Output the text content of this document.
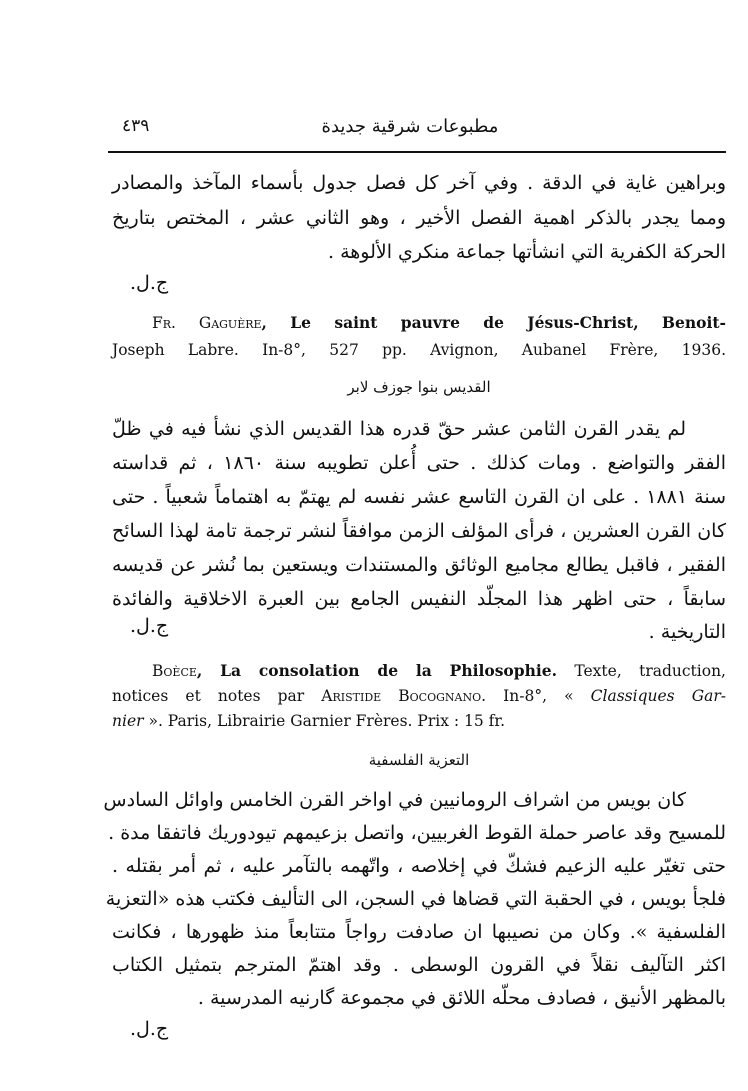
٤٣٩	مطبوعات شرقية جديدة
وبراهين غاية في الدقة . وفي آخر كل فصل جدول بأسماء المآخذ والمصادر
ومما يجدر بالذكر اهمية الفصل الأخير ، وهو الثاني عشر ، المختص بتاريخ
الحركة الكفرية التي انشأتها جماعة منكري الألوهة .
ج.ل.
Fr. Gaguère, Le saint pauvre de Jésus-Christ, Benoit-
Joseph Labre. In-8°, 527 pp. Avignon, Aubanel Frère, 1936.
القديس بنوا جوزف لابر
لم يقدر القرن الثامن عشر حقّ قدره هذا القديس الذي نشأ فيه في ظلّ
الفقر والتواضع . ومات كذلك . حتى أُعلن تطويبه سنة ١٨٦٠ ، ثم قداسته
سنة ١٨٨١ . على ان القرن التاسع عشر نفسه لم يهتمّ به اهتماماً شعبياً . حتى
كان القرن العشرين ، فرأى المؤلف الزمن موافقاً لنشر ترجمة تامة لهذا السائح
الفقير ، فاقبل يطالع مجاميع الوثائق والمستندات ويستعين بما نُشر عن قديسه
سابقاً ، حتى اظهر هذا المجلّد النفيس الجامع بين العبرة الاخلاقية والفائدة
التاريخية .
ج.ل.
Boèce, La consolation de la Philosophie. Texte, traduction,
notices et notes par Aristide Bocognano. In-8°, « Classiques Gar-
nier ». Paris, Librairie Garnier Frères. Prix : 15 fr.
التعزية الفلسفية
كان بويس من اشراف الرومانيين في اواخر القرن الخامس واوائل السادس
للمسيح وقد عاصر حملة القوط الغربيين، واتصل بزعيمهم تيودوريك فاتفقا مدة .
حتى تغيّر عليه الزعيم فشكّ في إخلاصه ، واتّهمه بالتآمر عليه ، ثم أمر بقتله .
فلجأ بويس ، في الحقبة التي قضاها في السجن، الى التأليف فكتب هذه «التعزية
الفلسفية ». وكان من نصيبها ان صادفت رواجاً متتابعاً منذ ظهورها ، فكانت
اكثر التآليف نقلاً في القرون الوسطى . وقد اهتمّ المترجم بتمثيل الكتاب
بالمظهر الأنيق ، فصادف محلّه اللائق في مجموعة گارنيه المدرسية .
ج.ل.
